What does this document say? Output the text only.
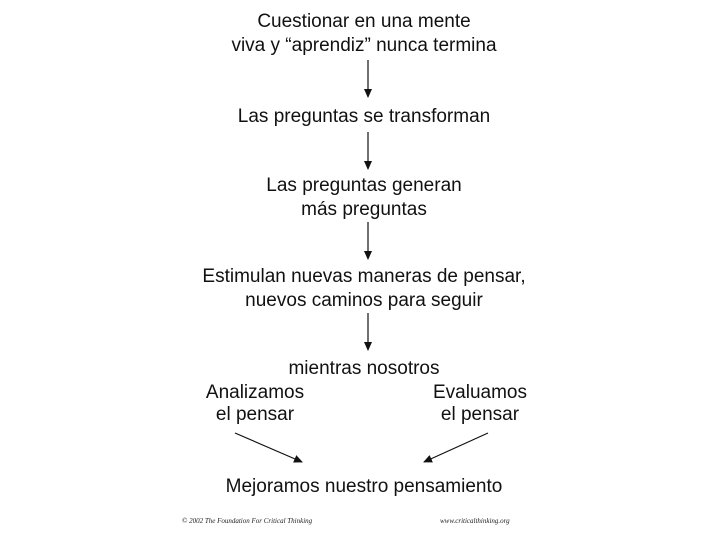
Cuestionar en una mente
viva y “aprendiz” nunca termina
Las preguntas se transforman
Las preguntas generan
más preguntas
Estimulan nuevas maneras de pensar,
nuevos caminos para seguir
mientras nosotros
Analizamos
el pensar
Evaluamos
el pensar
Mejoramos nuestro pensamiento
© 2002 The Foundation For Critical Thinking	www.criticalthinking.org
